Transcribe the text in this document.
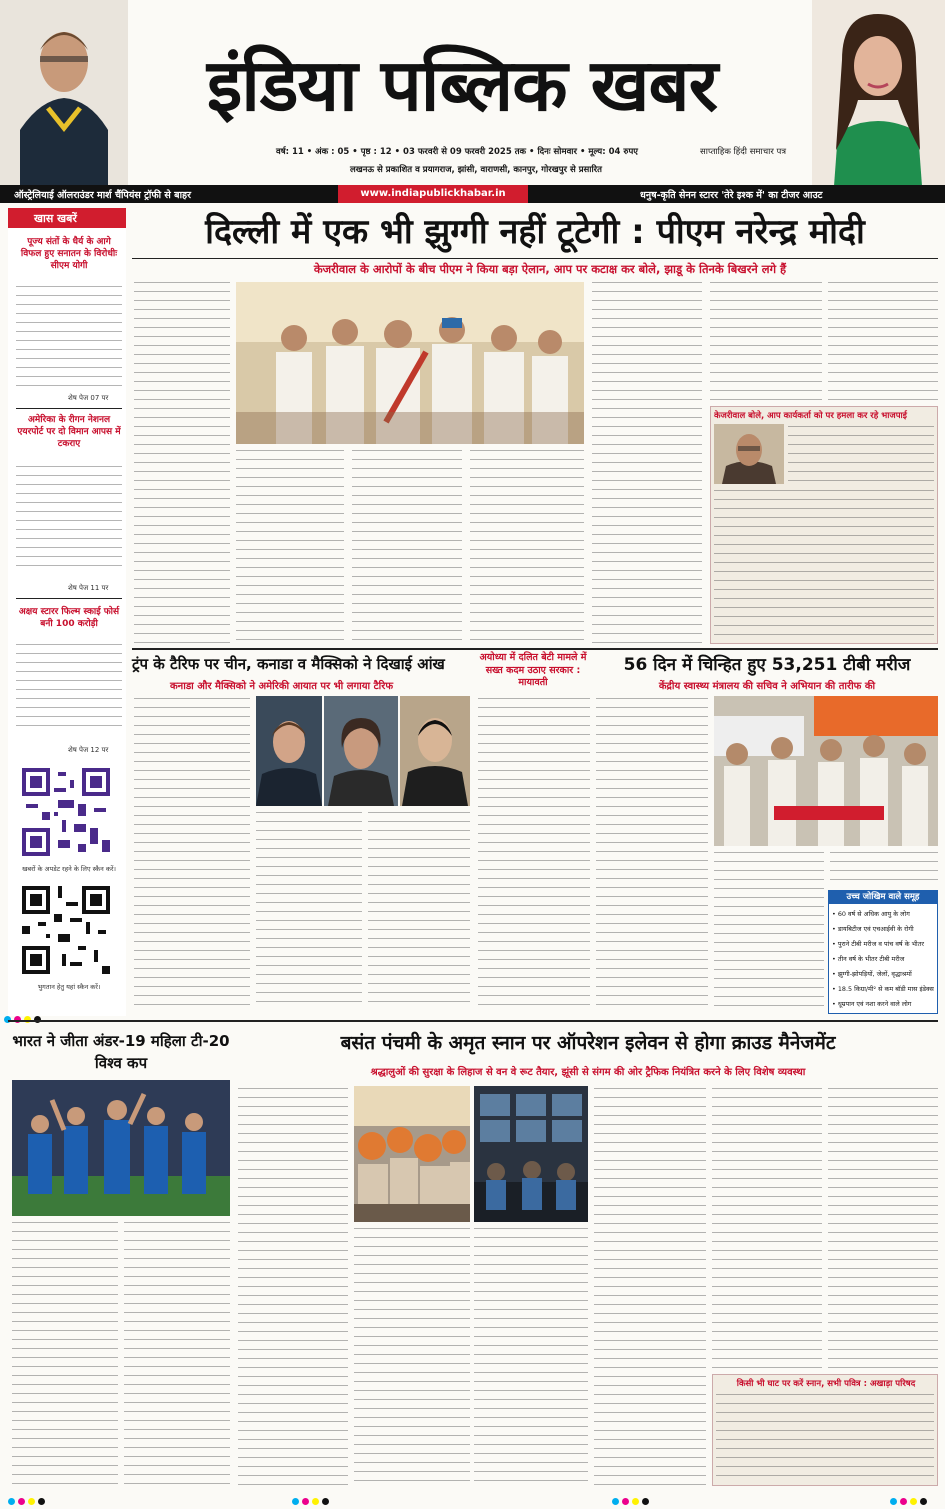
इंडिया पब्लिक खबर
वर्ष: 11 • अंक : 05 • पृष्ठ : 12 • 03 फरवरी से 09 फरवरी 2025 तक • दिनः सोमवार • मूल्य: 04 रुपए	साप्ताहिक हिंदी समाचार पत्र
लखनऊ से प्रकाशित व प्रयागराज, झांसी, वाराणसी, कानपुर, गोरखपुर से प्रसारित
ऑस्ट्रेलियाई ऑलराउंडर मार्श चैंपियंस ट्रॉफी से बाहर	www.indiapublickhabar.in	धनुष-कृति सेनन स्टारर 'तेरे इश्क में' का टीजर आउट
खास खबरें
पूज्य संतों के धैर्य के आगे विफल हुए सनातन के विरोधीः सीएम योगी
शेष पेज 07 पर
अमेरिका के रीगन नेशनल एयरपोर्ट पर दो विमान आपस में टकराए
शेष पेज 11 पर
अक्षय स्टारर फिल्म स्काई फोर्स बनी 100 करोड़ी
शेष पेज 12 पर
खबरों के अपडेट रहने के लिए स्कैन करें।
भुगतान हेतु यहां स्कैन करें।
दिल्ली में एक भी झुग्गी नहीं टूटेगी : पीएम नरेन्द्र मोदी
केजरीवाल के आरोपों के बीच पीएम ने किया बड़ा ऐलान, आप पर कटाक्ष कर बोले, झाडू के तिनके बिखरने लगे हैं
केजरीवाल बोले, आप कार्यकर्ता को पर हमला कर रहे भाजपाई
ट्रंप के टैरिफ पर चीन, कनाडा व मैक्सिको ने दिखाई आंख
कनाडा और मैक्सिको ने अमेरिकी आयात पर भी लगाया टैरिफ
अयोध्या में दलित बेटी मामले में सख्त कदम उठाए सरकार : मायावती
56 दिन में चिन्हित हुए 53,251 टीबी मरीज
केंद्रीय स्वास्थ्य मंत्रालय की सचिव ने अभियान की तारीफ की
उच्च जोखिम वाले समूह
• 60 वर्ष से अधिक आयु के लोग
• डायबिटीज एवं एचआईवी के रोगी
• पुराने टीबी मरीज व पांच वर्ष के भीतर
• तीन वर्ष के भीतर टीबी मरीज
• झुग्गी-झोपड़ियों, जेलों, वृद्धाश्रमों
• 18.5 किग्रा/मी² से कम बॉडी मास इंडेक्स
• धूम्रपान एवं नशा करने वाले लोग
भारत ने जीता अंडर-19 महिला टी-20 विश्व कप
बसंत पंचमी के अमृत स्नान पर ऑपरेशन इलेवन से होगा क्राउड मैनेजमेंट
श्रद्धालुओं की सुरक्षा के लिहाज से वन वे रूट तैयार, झूंसी से संगम की ओर ट्रैफिक नियंत्रित करने के लिए विशेष व्यवस्था
किसी भी घाट पर करें स्नान, सभी पवित्र : अखाड़ा परिषद
